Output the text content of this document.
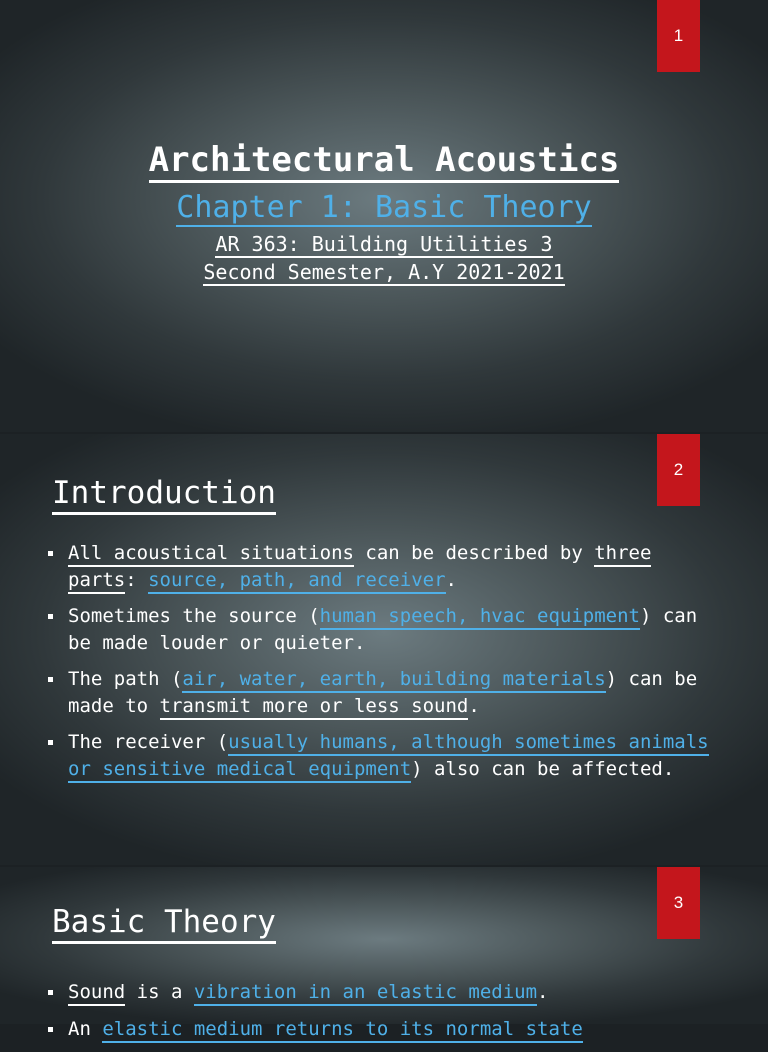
1
Architectural Acoustics
Chapter 1: Basic Theory
AR 363: Building Utilities 3
Second Semester, A.Y 2021-2021
2
Introduction
All acoustical situations can be described by three parts: source, path, and receiver.
Sometimes the source (human speech, hvac equipment) can be made louder or quieter.
The path (air, water, earth, building materials) can be made to transmit more or less sound.
The receiver (usually humans, although sometimes animals or sensitive medical equipment) also can be affected.
3
Basic Theory
Sound is a vibration in an elastic medium.
An elastic medium returns to its normal state
